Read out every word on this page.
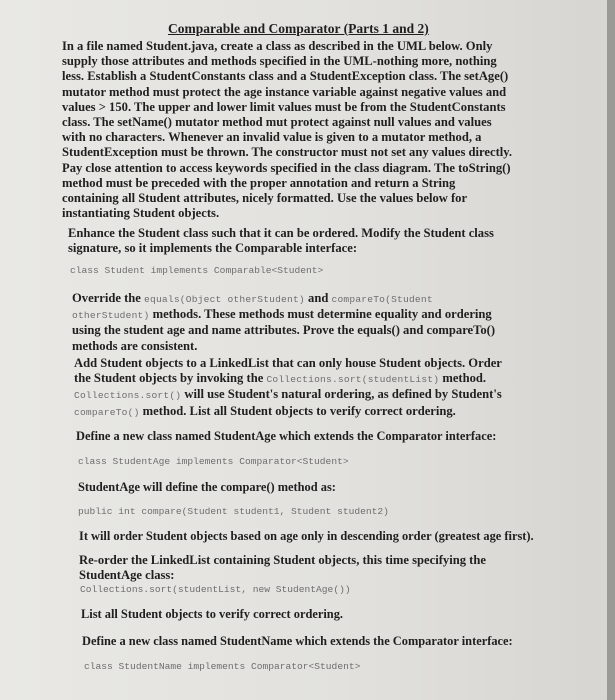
Comparable and Comparator (Parts 1 and 2)

In a file named Student.java, create a class as described in the UML below. Only supply those attributes and methods specified in the UML-nothing more, nothing less. Establish a StudentConstants class and a StudentException class. The setAge() mutator method must protect the age instance variable against negative values and values > 150. The upper and lower limit values must be from the StudentConstants class. The setName() mutator method mut protect against null values and values with no characters. Whenever an invalid value is given to a mutator method, a StudentException must be thrown. The constructor must not set any values directly. Pay close attention to access keywords specified in the class diagram. The toString() method must be preceded with the proper annotation and return a String containing all Student attributes, nicely formatted. Use the values below for instantiating Student objects.

Enhance the Student class such that it can be ordered. Modify the Student class signature, so it implements the Comparable interface:

class Student implements Comparable<Student>

Override the equals(Object otherStudent) and compareTo(Student otherStudent) methods. These methods must determine equality and ordering using the student age and name attributes. Prove the equals() and compareTo() methods are consistent.

Add Student objects to a LinkedList that can only house Student objects. Order the Student objects by invoking the Collections.sort(studentList) method. Collections.sort() will use Student's natural ordering, as defined by Student's compareTo() method. List all Student objects to verify correct ordering.

Define a new class named StudentAge which extends the Comparator interface:
class StudentAge implements Comparator<Student>
StudentAge will define the compare() method as:
public int compare(Student student1, Student student2)
It will order Student objects based on age only in descending order (greatest age first).

Re-order the LinkedList containing Student objects, this time specifying the StudentAge class:

Collections.sort(studentList, new StudentAge())
List all Student objects to verify correct ordering.
Define a new class named StudentName which extends the Comparator interface:
class StudentName implements Comparator<Student>
